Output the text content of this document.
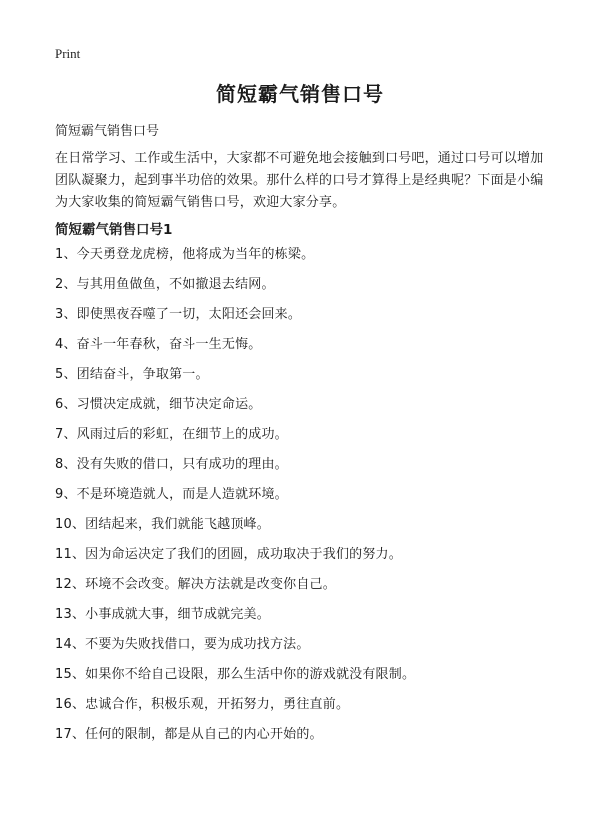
Print
简短霸气销售口号

简短霸气销售口号

在日常学习、工作或生活中，大家都不可避免地会接触到口号吧，通过口号可以增加团队凝聚力，起到事半功倍的效果。那什么样的口号才算得上是经典呢？下面是小编为大家收集的简短霸气销售口号，欢迎大家分享。

简短霸气销售口号1
1、今天勇登龙虎榜，他将成为当年的栋梁。
2、与其用鱼做鱼，不如撤退去结网。
3、即使黑夜吞噬了一切，太阳还会回来。
4、奋斗一年春秋，奋斗一生无悔。
5、团结奋斗，争取第一。
6、习惯决定成就，细节决定命运。
7、风雨过后的彩虹，在细节上的成功。
8、没有失败的借口，只有成功的理由。
9、不是环境造就人，而是人造就环境。
10、团结起来，我们就能飞越顶峰。
11、因为命运决定了我们的团圆，成功取决于我们的努力。
12、环境不会改变。解决方法就是改变你自己。
13、小事成就大事，细节成就完美。
14、不要为失败找借口，要为成功找方法。
15、如果你不给自己设限，那么生活中你的游戏就没有限制。
16、忠诚合作，积极乐观，开拓努力，勇往直前。
17、任何的限制，都是从自己的内心开始的。
